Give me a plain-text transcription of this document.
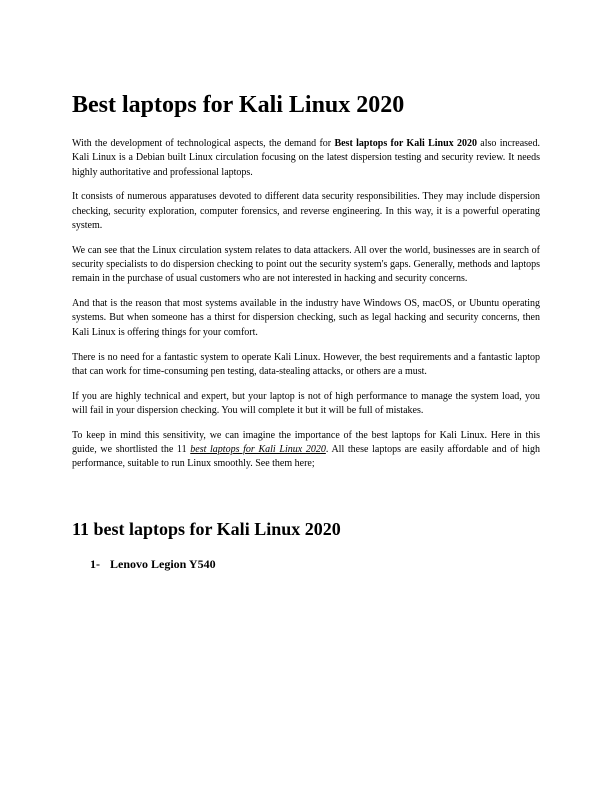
Best laptops for Kali Linux 2020

With the development of technological aspects, the demand for Best laptops for Kali Linux 2020 also increased. Kali Linux is a Debian built Linux circulation focusing on the latest dispersion testing and security review. It needs highly authoritative and professional laptops.

It consists of numerous apparatuses devoted to different data security responsibilities. They may include dispersion checking, security exploration, computer forensics, and reverse engineering. In this way, it is a powerful operating system.

We can see that the Linux circulation system relates to data attackers. All over the world, businesses are in search of security specialists to do dispersion checking to point out the security system's gaps. Generally, methods and laptops remain in the purchase of usual customers who are not interested in hacking and security concerns.

And that is the reason that most systems available in the industry have Windows OS, macOS, or Ubuntu operating systems. But when someone has a thirst for dispersion checking, such as legal hacking and security concerns, then Kali Linux is offering things for your comfort.

There is no need for a fantastic system to operate Kali Linux. However, the best requirements and a fantastic laptop that can work for time-consuming pen testing, data-stealing attacks, or others are a must.

If you are highly technical and expert, but your laptop is not of high performance to manage the system load, you will fail in your dispersion checking. You will complete it but it will be full of mistakes.

To keep in mind this sensitivity, we can imagine the importance of the best laptops for Kali Linux. Here in this guide, we shortlisted the 11 best laptops for Kali Linux 2020. All these laptops are easily affordable and of high performance, suitable to run Linux smoothly. See them here;

11 best laptops for Kali Linux 2020
1- Lenovo Legion Y540
